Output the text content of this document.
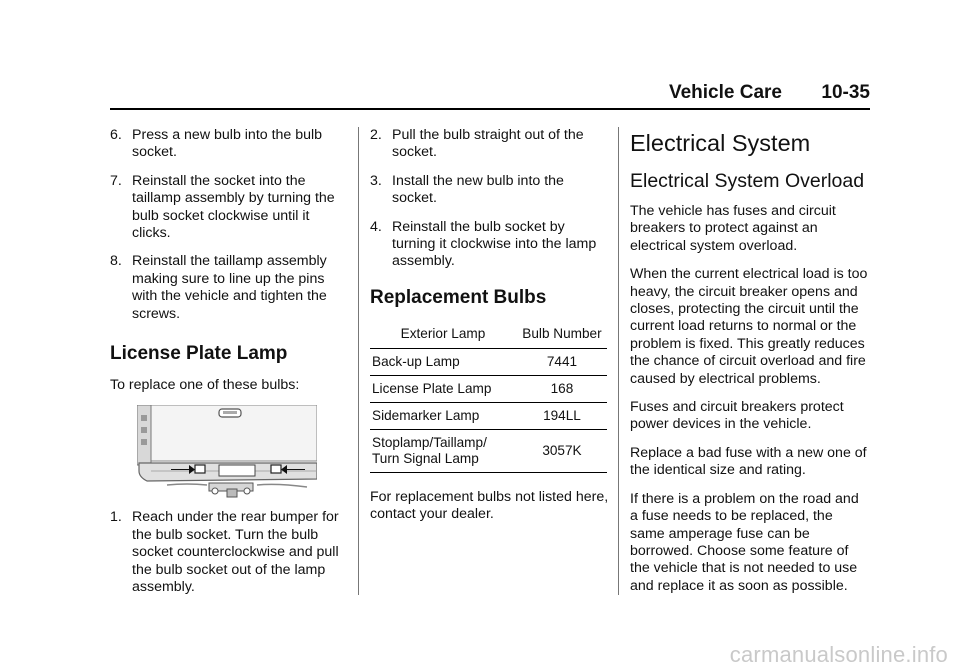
Vehicle Care 10-35
6. Press a new bulb into the bulb socket.
7. Reinstall the socket into the taillamp assembly by turning the bulb socket clockwise until it clicks.
8. Reinstall the taillamp assembly making sure to line up the pins with the vehicle and tighten the screws.
License Plate Lamp

To replace one of these bulbs:

1. Reach under the rear bumper for the bulb socket. Turn the bulb socket counterclockwise and pull the bulb socket out of the lamp assembly.
2. Pull the bulb straight out of the socket.
3. Install the new bulb into the socket.
4. Reinstall the bulb socket by turning it clockwise into the lamp assembly.
Replacement Bulbs
Exterior Lamp	Bulb Number
Back-up Lamp	7441
License Plate Lamp	168
Sidemarker Lamp	194LL
Stoplamp/Taillamp/ Turn Signal Lamp	3057K

For replacement bulbs not listed here, contact your dealer.

Electrical System
Electrical System Overload

The vehicle has fuses and circuit breakers to protect against an electrical system overload.

When the current electrical load is too heavy, the circuit breaker opens and closes, protecting the circuit until the current load returns to normal or the problem is fixed. This greatly reduces the chance of circuit overload and fire caused by electrical problems.

Fuses and circuit breakers protect power devices in the vehicle.

Replace a bad fuse with a new one of the identical size and rating.

If there is a problem on the road and a fuse needs to be replaced, the same amperage fuse can be borrowed. Choose some feature of the vehicle that is not needed to use and replace it as soon as possible.

carmanualsonline.info
